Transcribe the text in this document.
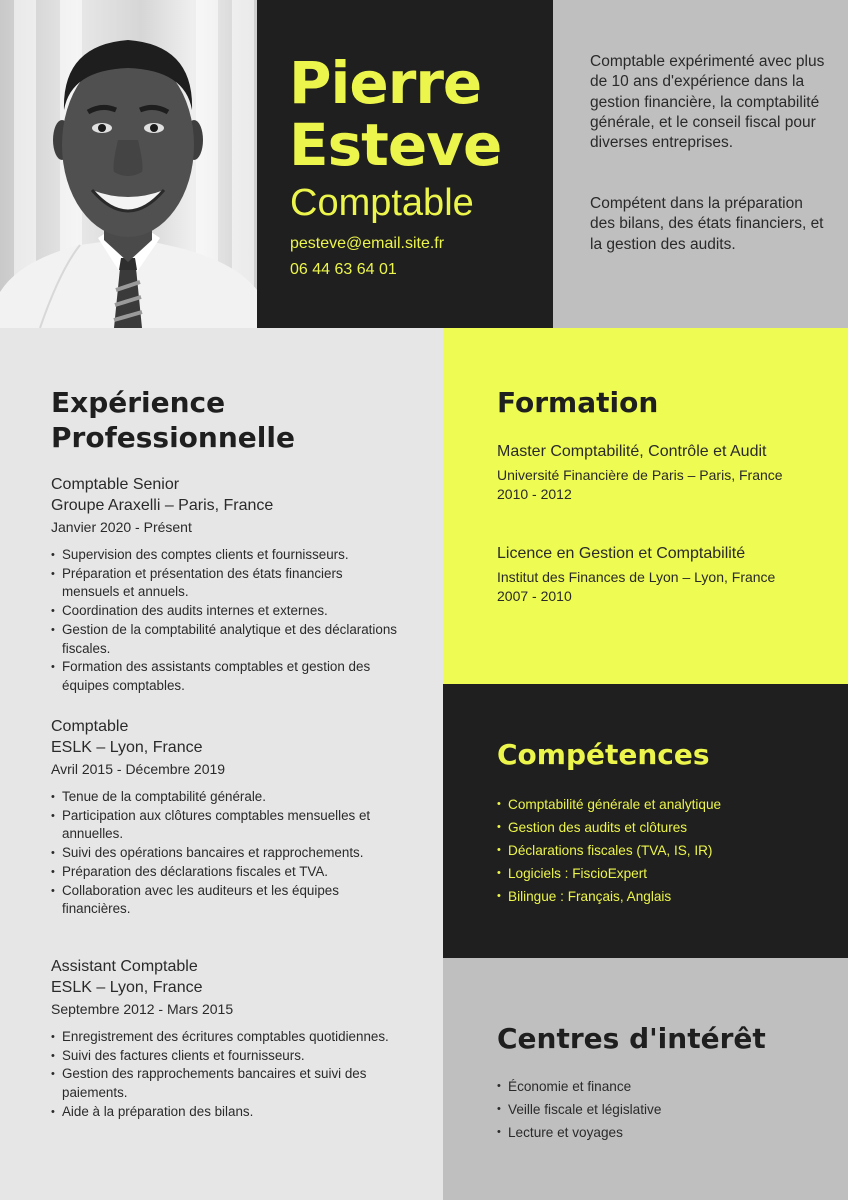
Pierre
Esteve
Comptable
pesteve@email.site.fr
06 44 63 64 01

Comptable expérimenté avec plus de 10 ans d'expérience dans la gestion financière, la comptabilité générale, et le conseil fiscal pour diverses entreprises.

Compétent dans la préparation des bilans, des états financiers, et la gestion des audits.

Expérience Professionnelle
Comptable Senior
Groupe Araxelli – Paris, France
Janvier 2020 - Présent
• Supervision des comptes clients et fournisseurs.
• Préparation et présentation des états financiers mensuels et annuels.
• Coordination des audits internes et externes.
• Gestion de la comptabilité analytique et des déclarations fiscales.
• Formation des assistants comptables et gestion des équipes comptables.
Comptable
ESLK – Lyon, France
Avril 2015 - Décembre 2019
• Tenue de la comptabilité générale.
• Participation aux clôtures comptables mensuelles et annuelles.
• Suivi des opérations bancaires et rapprochements.
• Préparation des déclarations fiscales et TVA.
• Collaboration avec les auditeurs et les équipes financières.
Assistant Comptable
ESLK – Lyon, France
Septembre 2012 - Mars 2015
• Enregistrement des écritures comptables quotidiennes.
• Suivi des factures clients et fournisseurs.
• Gestion des rapprochements bancaires et suivi des paiements.
• Aide à la préparation des bilans.
Formation
Master Comptabilité, Contrôle et Audit
Université Financière de Paris – Paris, France
2010 - 2012
Licence en Gestion et Comptabilité
Institut des Finances de Lyon – Lyon, France
2007 - 2010
Compétences
• Comptabilité générale et analytique
• Gestion des audits et clôtures
• Déclarations fiscales (TVA, IS, IR)
• Logiciels : FiscioExpert
• Bilingue : Français, Anglais
Centres d'intérêt
• Économie et finance
• Veille fiscale et législative
• Lecture et voyages
